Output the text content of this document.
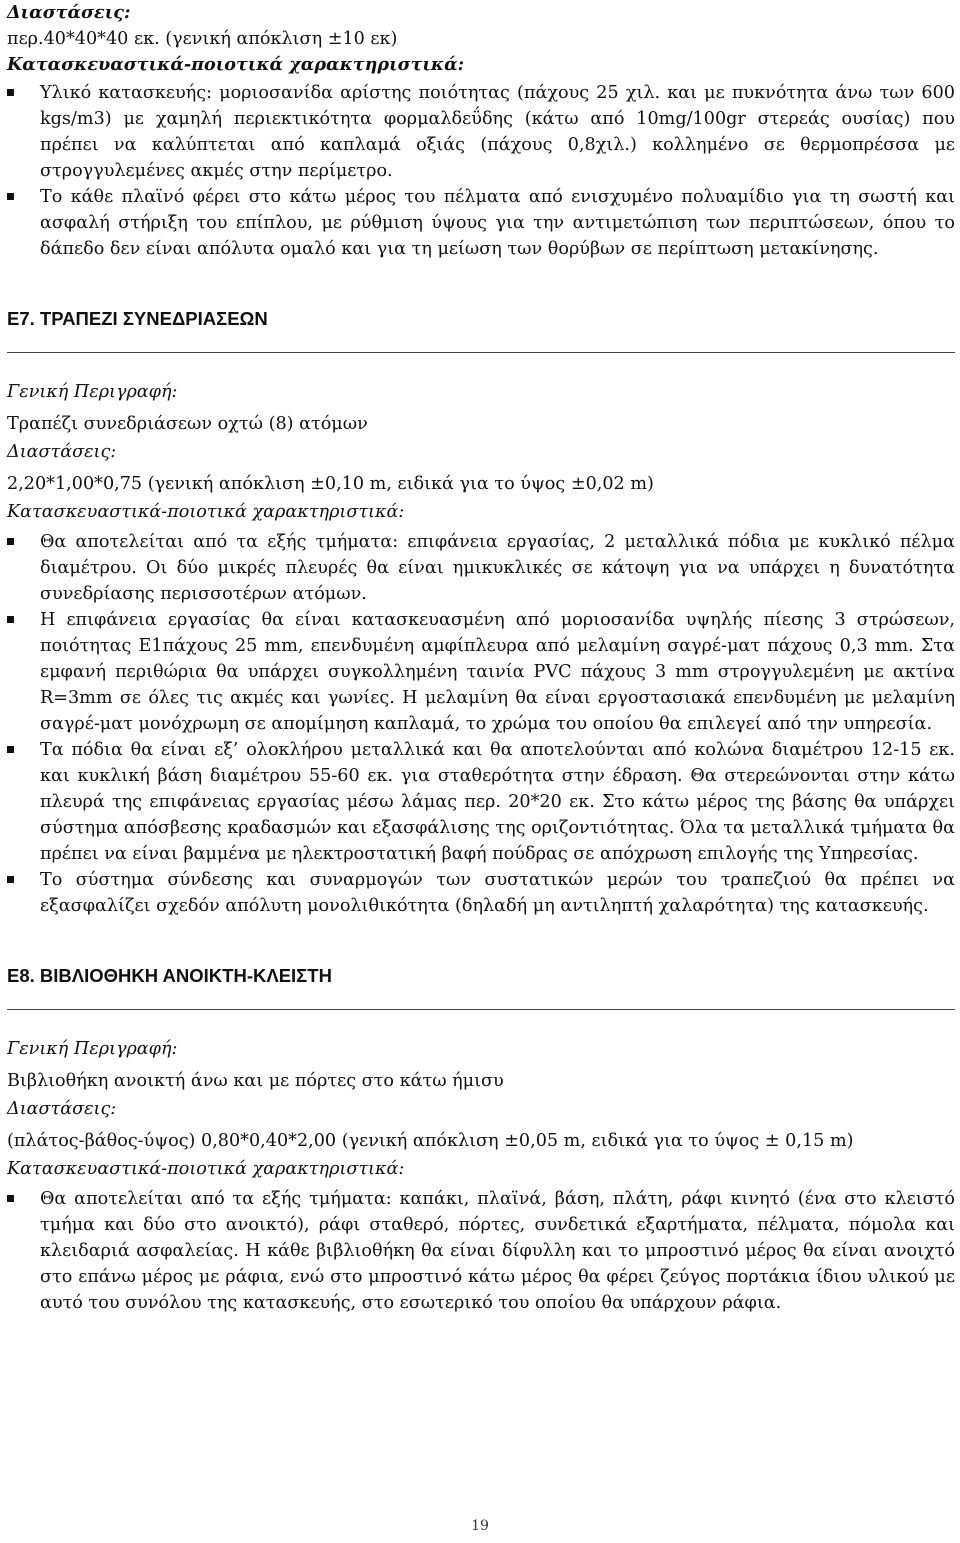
Διαστάσεις:

περ.40*40*40 εκ. (γενική απόκλιση ±10 εκ)

Κατασκευαστικά-ποιοτικά χαρακτηριστικά:

Υλικό κατασκευής: μοριοσανίδα αρίστης ποιότητας (πάχους 25 χιλ. και με πυκνότητα άνω των 600 kgs/m3) με χαμηλή περιεκτικότητα φορμαλδεΰδης (κάτω από 10mg/100gr στερεάς ουσίας) που πρέπει να καλύπτεται από καπλαμά οξιάς (πάχους 0,8χιλ.) κολλημένο σε θερμοπρέσσα με στρογγυλεμένες ακμές στην περίμετρο.
Το κάθε πλαϊνό φέρει στο κάτω μέρος του πέλματα από ενισχυμένο πολυαμίδιο για τη σωστή και ασφαλή στήριξη του επίπλου, με ρύθμιση ύψους για την αντιμετώπιση των περιπτώσεων, όπου το δάπεδο δεν είναι απόλυτα ομαλό και για τη μείωση των θορύβων σε περίπτωση μετακίνησης.

Ε7. ΤΡΑΠΕΖΙ ΣΥΝΕΔΡΙΑΣΕΩΝ

Γενική Περιγραφή:

Τραπέζι συνεδριάσεων οχτώ (8) ατόμων

Διαστάσεις:

2,20*1,00*0,75 (γενική απόκλιση ±0,10 m, ειδικά για το ύψος ±0,02 m)

Κατασκευαστικά-ποιοτικά χαρακτηριστικά:

Θα αποτελείται από τα εξής τμήματα: επιφάνεια εργασίας, 2 μεταλλικά πόδια με κυκλικό πέλμα διαμέτρου. Οι δύο μικρές πλευρές θα είναι ημικυκλικές σε κάτοψη για να υπάρχει η δυνατότητα συνεδρίασης περισσοτέρων ατόμων.
Η επιφάνεια εργασίας θα είναι κατασκευασμένη από μοριοσανίδα υψηλής πίεσης 3 στρώσεων, ποιότητας Ε1πάχους 25 mm, επενδυμένη αμφίπλευρα από μελαμίνη σαγρέ-ματ πάχους 0,3 mm. Στα εμφανή περιθώρια θα υπάρχει συγκολλημένη ταινία PVC πάχους 3 mm στρογγυλεμένη με ακτίνα R=3mm σε όλες τις ακμές και γωνίες. Η μελαμίνη θα είναι εργοστασιακά επενδυμένη με μελαμίνη σαγρέ-ματ μονόχρωμη σε απομίμηση καπλαμά, το χρώμα του οποίου θα επιλεγεί από την υπηρεσία.
Τα πόδια θα είναι εξ’ ολοκλήρου μεταλλικά και θα αποτελούνται από κολώνα διαμέτρου 12-15 εκ. και κυκλική βάση διαμέτρου 55-60 εκ. για σταθερότητα στην έδραση. Θα στερεώνονται στην κάτω πλευρά της επιφάνειας εργασίας μέσω λάμας περ. 20*20 εκ. Στο κάτω μέρος της βάσης θα υπάρχει σύστημα απόσβεσης κραδασμών και εξασφάλισης της οριζοντιότητας. Όλα τα μεταλλικά τμήματα θα πρέπει να είναι βαμμένα με ηλεκτροστατική βαφή πούδρας σε απόχρωση επιλογής της Υπηρεσίας.
Το σύστημα σύνδεσης και συναρμογών των συστατικών μερών του τραπεζιού θα πρέπει να εξασφαλίζει σχεδόν απόλυτη μονολιθικότητα (δηλαδή μη αντιληπτή χαλαρότητα) της κατασκευής.

Ε8. ΒΙΒΛΙΟΘΗΚΗ ΑΝΟΙΚΤΗ-ΚΛΕΙΣΤΗ

Γενική Περιγραφή:

Βιβλιοθήκη ανοικτή άνω και με πόρτες στο κάτω ήμισυ

Διαστάσεις:

(πλάτος-βάθος-ύψος) 0,80*0,40*2,00 (γενική απόκλιση ±0,05 m, ειδικά για το ύψος ± 0,15 m)

Κατασκευαστικά-ποιοτικά χαρακτηριστικά:

Θα αποτελείται από τα εξής τμήματα: καπάκι, πλαϊνά, βάση, πλάτη, ράφι κινητό (ένα στο κλειστό τμήμα και δύο στο ανοικτό), ράφι σταθερό, πόρτες, συνδετικά εξαρτήματα, πέλματα, πόμολα και κλειδαριά ασφαλείας. Η κάθε βιβλιοθήκη θα είναι δίφυλλη και το μπροστινό μέρος θα είναι ανοιχτό στο επάνω μέρος με ράφια, ενώ στο μπροστινό κάτω μέρος θα φέρει ζεύγος πορτάκια ίδιου υλικού με αυτό του συνόλου της κατασκευής, στο εσωτερικό του οποίου θα υπάρχουν ράφια.
19
